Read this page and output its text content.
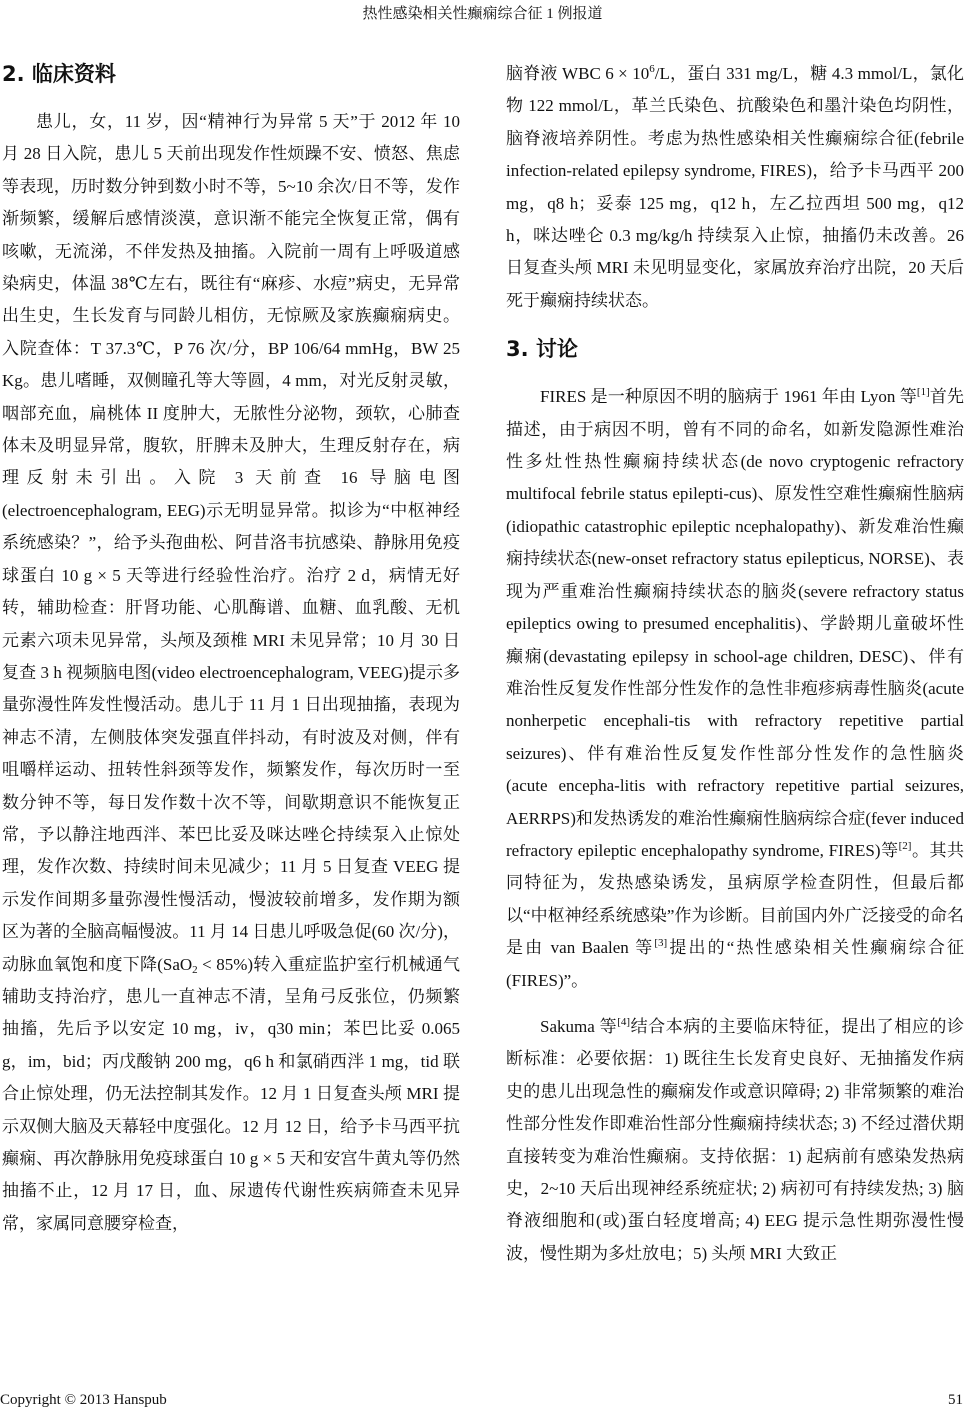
热性感染相关性癫痫综合征 1 例报道
2. 临床资料

患儿，女，11 岁，因“精神行为异常 5 天”于 2012 年 10 月 28 日入院，患儿 5 天前出现发作性烦躁不安、愤怒、焦虑等表现，历时数分钟到数小时不等，5~10 余次/日不等，发作渐频繁，缓解后感情淡漠，意识渐不能完全恢复正常，偶有咳嗽，无流涕，不伴发热及抽搐。入院前一周有上呼吸道感染病史，体温 38℃左右，既往有“麻疹、水痘”病史，无异常出生史，生长发育与同龄儿相仿，无惊厥及家族癫痫病史。入院查体：T 37.3℃，P 76 次/分，BP 106/64 mmHg，BW 25 Kg。患儿嗜睡，双侧瞳孔等大等圆，4 mm，对光反射灵敏，咽部充血，扁桃体 II 度肿大，无脓性分泌物，颈软，心肺查体未及明显异常，腹软，肝脾未及肿大，生理反射存在，病理反射未引出。入院 3 天前查 16 导脑电图(electroencephalogram, EEG)示无明显异常。拟诊为“中枢神经系统感染？”，给予头孢曲松、阿昔洛韦抗感染、静脉用免疫球蛋白 10 g × 5 天等进行经验性治疗。治疗 2 d，病情无好转，辅助检查：肝肾功能、心肌酶谱、血糖、血乳酸、无机元素六项未见异常，头颅及颈椎 MRI 未见异常；10 月 30 日复查 3 h 视频脑电图(video electroencephalogram, VEEG)提示多量弥漫性阵发性慢活动。患儿于 11 月 1 日出现抽搐，表现为神志不清，左侧肢体突发强直伴抖动，有时波及对侧，伴有咀嚼样运动、扭转性斜颈等发作，频繁发作，每次历时一至数分钟不等，每日发作数十次不等，间歇期意识不能恢复正常，予以静注地西泮、苯巴比妥及咪达唑仑持续泵入止惊处理，发作次数、持续时间未见减少；11 月 5 日复查 VEEG 提示发作间期多量弥漫性慢活动，慢波较前增多，发作期为额区为著的全脑高幅慢波。11 月 14 日患儿呼吸急促(60 次/分)，动脉血氧饱和度下降(SaO$_2$ < 85%)转入重症监护室行机械通气辅助支持治疗，患儿一直神志不清，呈角弓反张位，仍频繁抽搐，先后予以安定 10 mg，iv，q30 min；苯巴比妥 0.065 g，im，bid；丙戊酸钠 200 mg，q6 h 和氯硝西泮 1 mg，tid 联合止惊处理，仍无法控制其发作。12 月 1 日复查头颅 MRI 提示双侧大脑及天幕轻中度强化。12 月 12 日，给予卡马西平抗癫痫、再次静脉用免疫球蛋白 10 g × 5 天和安宫牛黄丸等仍然抽搐不止，12 月 17 日，血、尿遗传代谢性疾病筛查未见异常，家属同意腰穿检查，

脑脊液 WBC $6 \times 10^6/L$，蛋白 331 mg/L，糖 4.3 mmol/L，氯化物 122 mmol/L，革兰氏染色、抗酸染色和墨汁染色均阴性，脑脊液培养阴性。考虑为热性感染相关性癫痫综合征(febrile infection-related epilepsy syndrome, FIRES)，给予卡马西平 200 mg，q8 h；妥泰 125 mg，q12 h，左乙拉西坦 500 mg，q12 h，咪达唑仑 0.3 mg/kg/h 持续泵入止惊，抽搐仍未改善。26 日复查头颅 MRI 未见明显变化，家属放弃治疗出院，20 天后死于癫痫持续状态。

3. 讨论

FIRES 是一种原因不明的脑病于 1961 年由 Lyon 等[1]首先描述，由于病因不明，曾有不同的命名，如新发隐源性难治性多灶性热性癫痫持续状态(de novo cryptogenic refractory multifocal febrile status epilepti-cus)、原发性空难性癫痫性脑病(idiopathic catastrophic epileptic ncephalopathy)、新发难治性癫痫持续状态(new-onset refractory status epilepticus, NORSE)、表现为严重难治性癫痫持续状态的脑炎(severe refractory status epileptics owing to presumed encephalitis)、学龄期儿童破坏性癫痫(devastating epilepsy in school-age children, DESC)、伴有难治性反复发作性部分性发作的急性非疱疹病毒性脑炎(acute nonherpetic encephali-tis with refractory repetitive partial seizures)、伴有难治性反复发作性部分性发作的急性脑炎(acute encepha-litis with refractory repetitive partial seizures, AERRPS)和发热诱发的难治性癫痫性脑病综合症(fever induced refractory epileptic encephalopathy syndrome, FIRES)等[2]。其共同特征为，发热感染诱发，虽病原学检查阴性，但最后都以“中枢神经系统感染”作为诊断。目前国内外广泛接受的命名是由 van Baalen 等[3]提出的“热性感染相关性癫痫综合征(FIRES)”。

Sakuma 等[4]结合本病的主要临床特征，提出了相应的诊断标准：必要依据：1) 既往生长发育史良好、无抽搐发作病史的患儿出现急性的癫痫发作或意识障碍; 2) 非常频繁的难治性部分性发作即难治性部分性癫痫持续状态; 3) 不经过潜伏期直接转变为难治性癫痫。支持依据：1) 起病前有感染发热病史，2~10 天后出现神经系统症状; 2) 病初可有持续发热; 3) 脑脊液细胞和(或)蛋白轻度增高; 4) EEG 提示急性期弥漫性慢波，慢性期为多灶放电；5) 头颅 MRI 大致正

Copyright © 2013 Hanspub	51
